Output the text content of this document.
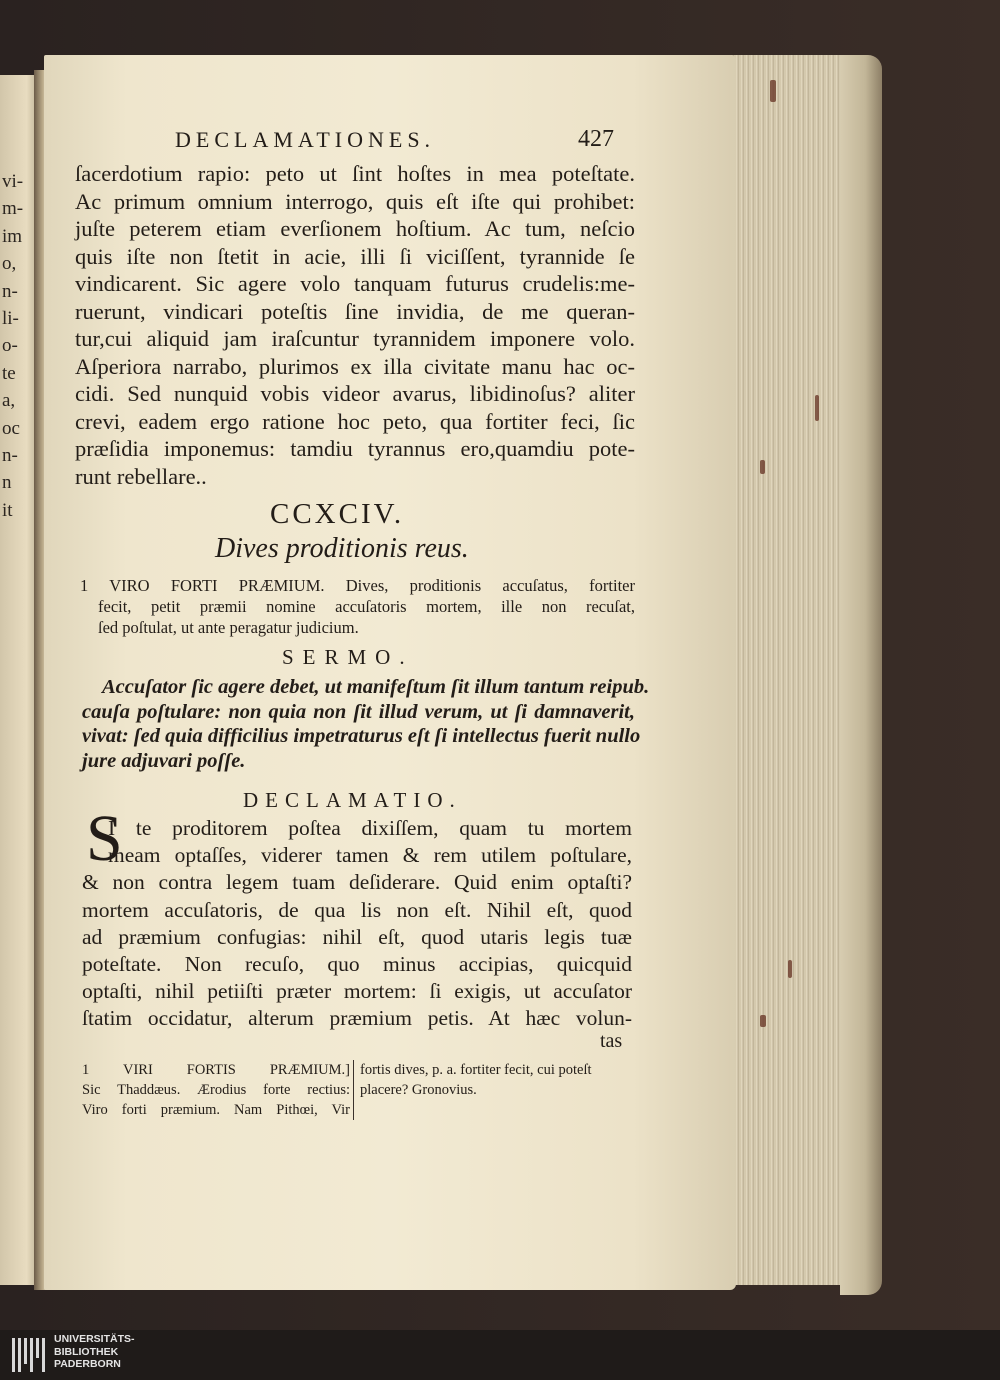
vi-
m-
im
o,
n-
li-
o-
te
a,
oc
n-
n
it
DECLAMATIONES.	427
ſacerdotium rapio: peto ut ſint hoſtes in mea poteſtate.
Ac primum omnium interrogo, quis eſt iſte qui prohibet:
juſte peterem etiam everſionem hoſtium. Ac tum, neſcio
quis iſte non ſtetit in acie, illi ſi viciſſent, tyrannide ſe
vindicarent. Sic agere volo tanquam futurus crudelis:me-
ruerunt, vindicari poteſtis ſine invidia, de me queran-
tur,cui aliquid jam iraſcuntur tyrannidem imponere volo.
Aſperiora narrabo, plurimos ex illa civitate manu hac oc-
cidi. Sed nunquid vobis videor avarus, libidinoſus? aliter
crevi, eadem ergo ratione hoc peto, qua fortiter feci, ſic
præſidia imponemus: tamdiu tyrannus ero,quamdiu pote-
runt rebellare..
CCXCIV.
Dives proditionis reus.
1 VIRO FORTI PRÆMIUM. Dives, proditionis accuſatus, fortiter
fecit, petit præmii nomine accuſatoris mortem, ille non recuſat,
ſed poſtulat, ut ante peragatur judicium.
SERMO.
Accuſator ſic agere debet, ut manifeſtum ſit illum tantum reipub.
cauſa poſtulare: non quia non ſit illud verum, ut ſi damnaverit,
vivat: ſed quia difficilius impetraturus eſt ſi intellectus fuerit nullo
jure adjuvari poſſe.
DECLAMATIO.
S
I te proditorem poſtea dixiſſem, quam tu mortem
meam optaſſes, viderer tamen & rem utilem poſtulare,
& non contra legem tuam deſiderare. Quid enim optaſti?
mortem accuſatoris, de qua lis non eſt. Nihil eſt, quod
ad præmium confugias: nihil eſt, quod utaris legis tuæ
poteſtate. Non recuſo, quo minus accipias, quicquid
optaſti, nihil petiiſti præter mortem: ſi exigis, ut accuſator
ſtatim occidatur, alterum præmium petis. At hæc volun-
tas
1 VIRI FORTIS PRÆMIUM.]
Sic Thaddæus. Ærodius forte rectius:
Viro forti præmium. Nam Pithœi, Vir
fortis dives, p. a. fortiter fecit, cui poteſt
placere? Gronovius.
UNIVERSITÄTS-
BIBLIOTHEK
PADERBORN
